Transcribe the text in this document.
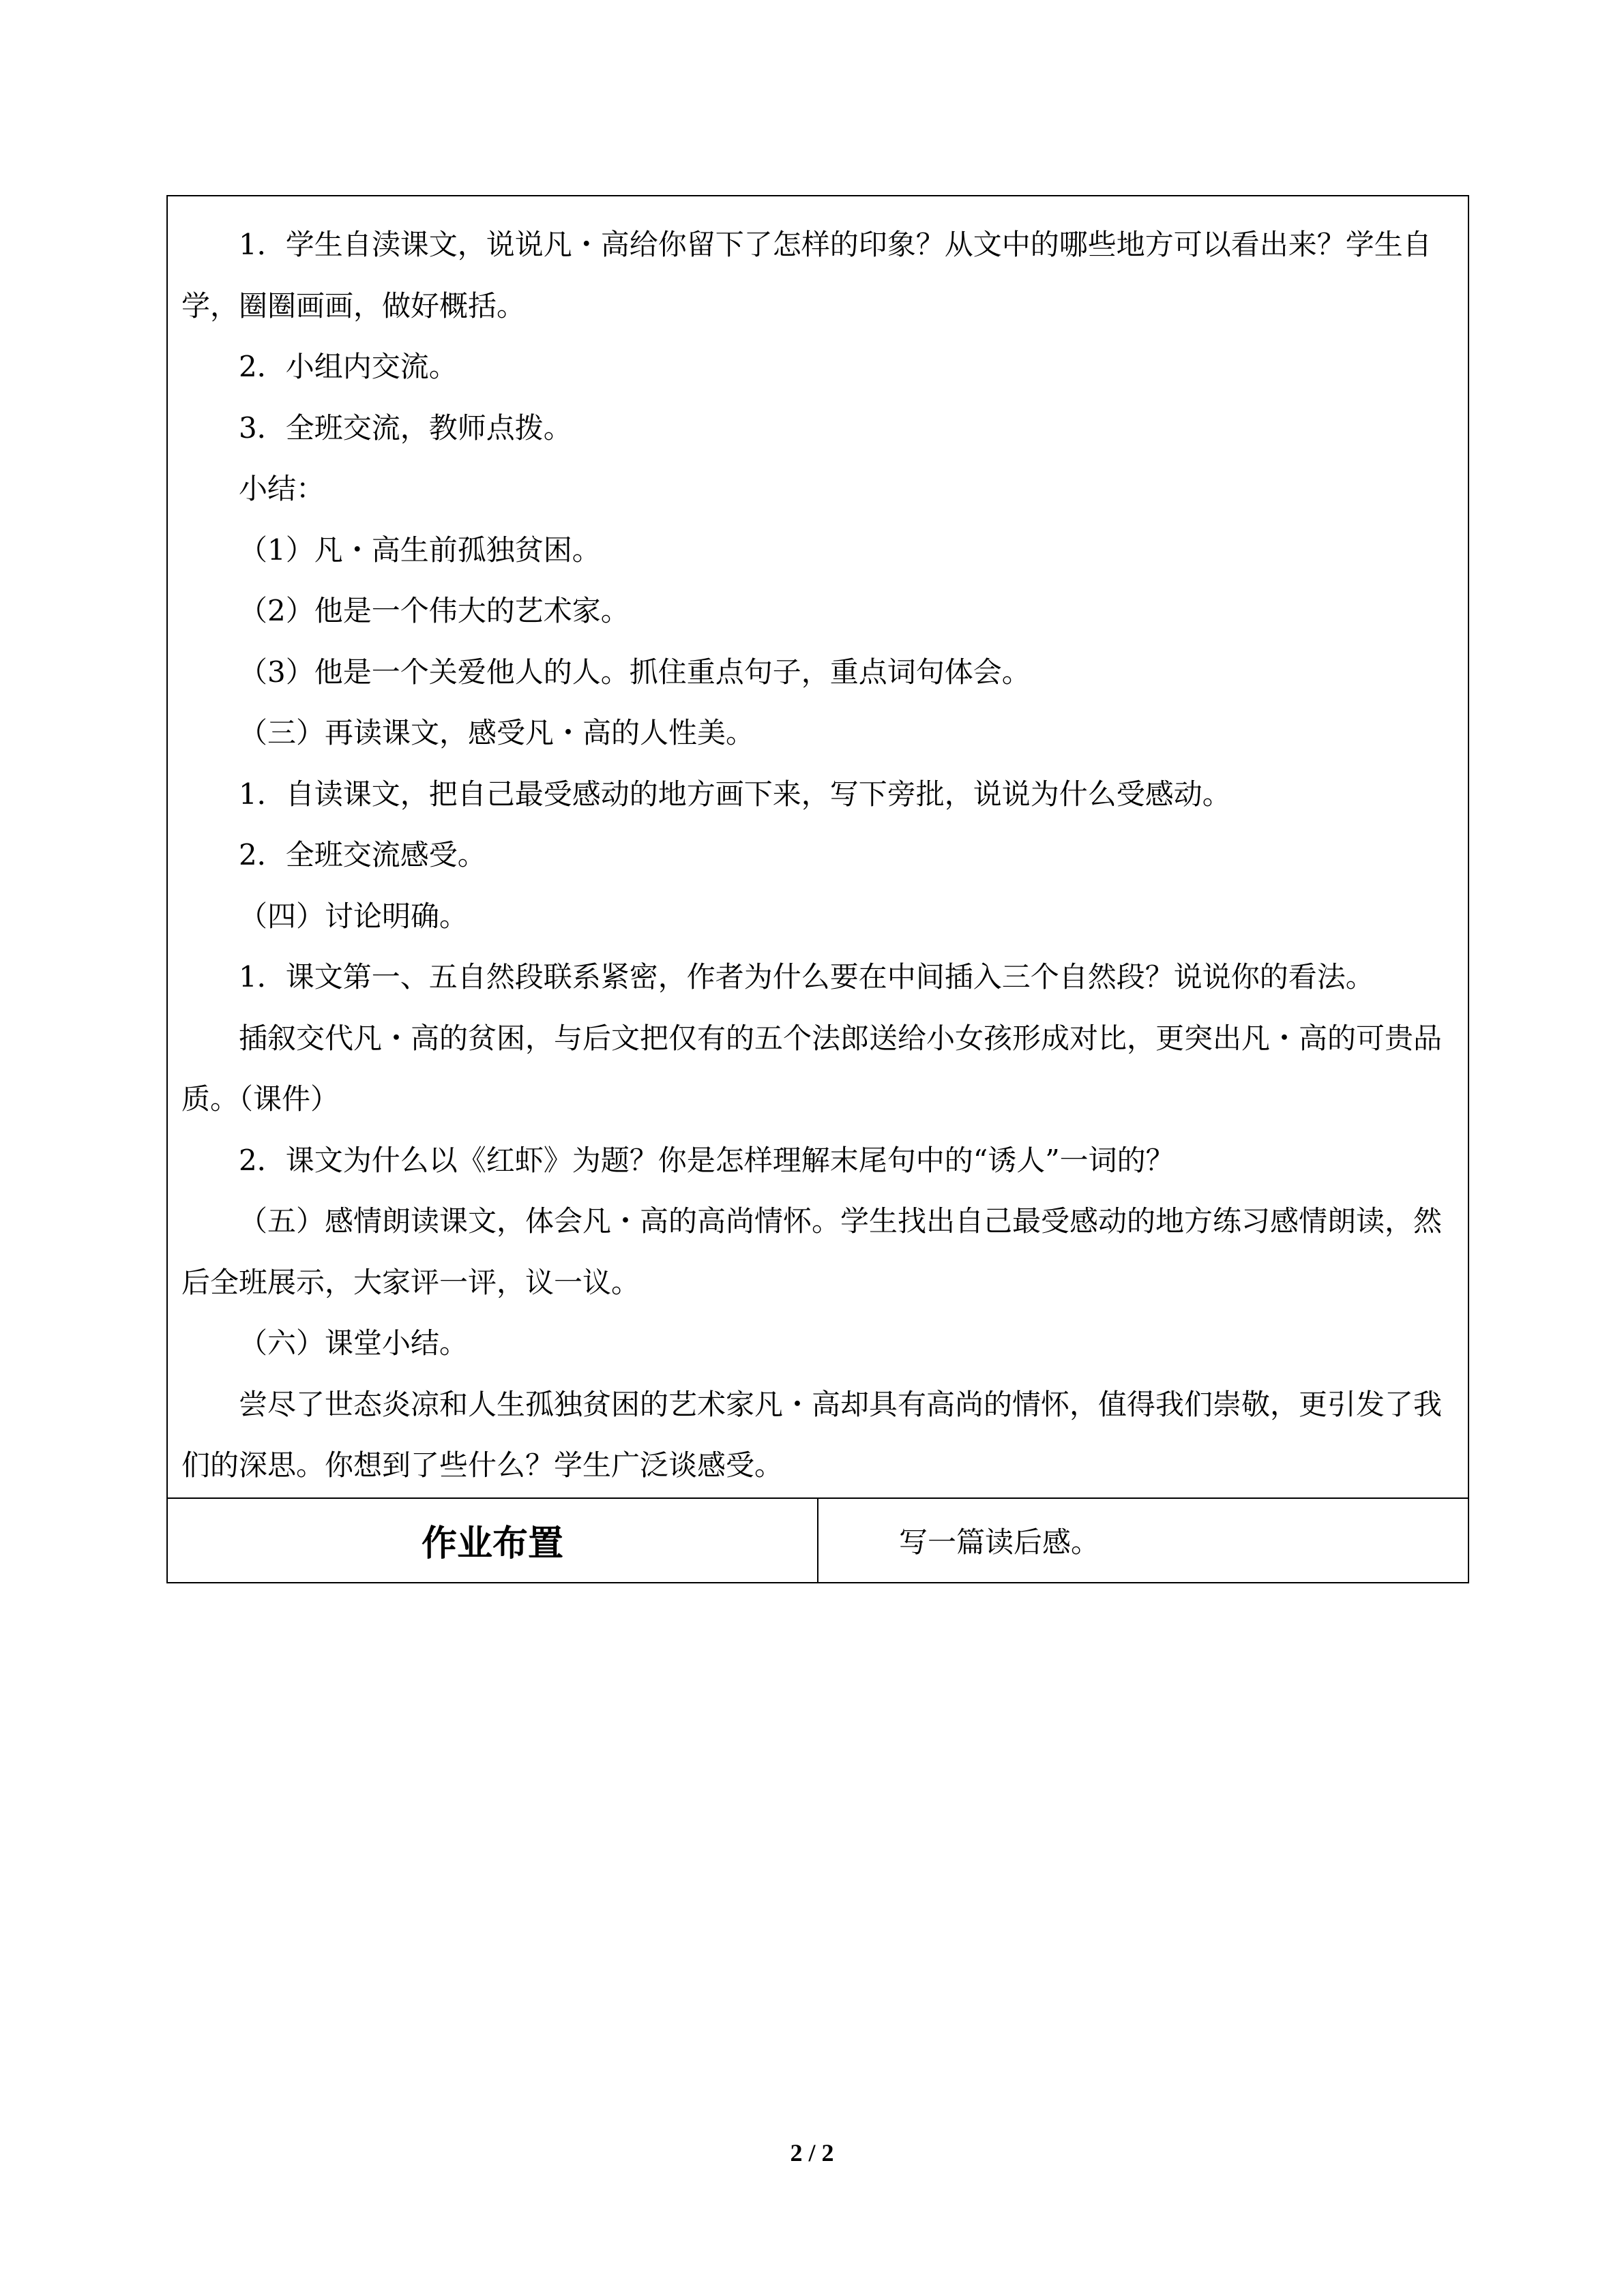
1．学生自渎课文，说说凡・高给你留下了怎样的印象？从文中的哪些地方可以看出来？学生自学，圈圈画画，做好概括。

2．小组内交流。

3．全班交流，教师点拨。

小结：

（1）凡・高生前孤独贫困。

（2）他是一个伟大的艺术家。

（3）他是一个关爱他人的人。抓住重点句子，重点词句体会。

（三）再读课文，感受凡・高的人性美。

1．自读课文，把自己最受感动的地方画下来，写下旁批，说说为什么受感动。

2．全班交流感受。

（四）讨论明确。

1．课文第一、五自然段联系紧密，作者为什么要在中间插入三个自然段？说说你的看法。

插叙交代凡・高的贫困，与后文把仅有的五个法郎送给小女孩形成对比，更突出凡・高的可贵品质。（课件）

2．课文为什么以《红虾》为题？你是怎样理解末尾句中的“诱人”一词的？

（五）感情朗读课文，体会凡・高的高尚情怀。学生找出自己最受感动的地方练习感情朗读，然后全班展示，大家评一评，议一议。

（六）课堂小结。

尝尽了世态炎凉和人生孤独贫困的艺术家凡・高却具有高尚的情怀，值得我们崇敬，更引发了我们的深思。你想到了些什么？学生广泛谈感受。

作业布置	写一篇读后感。
2 / 2
